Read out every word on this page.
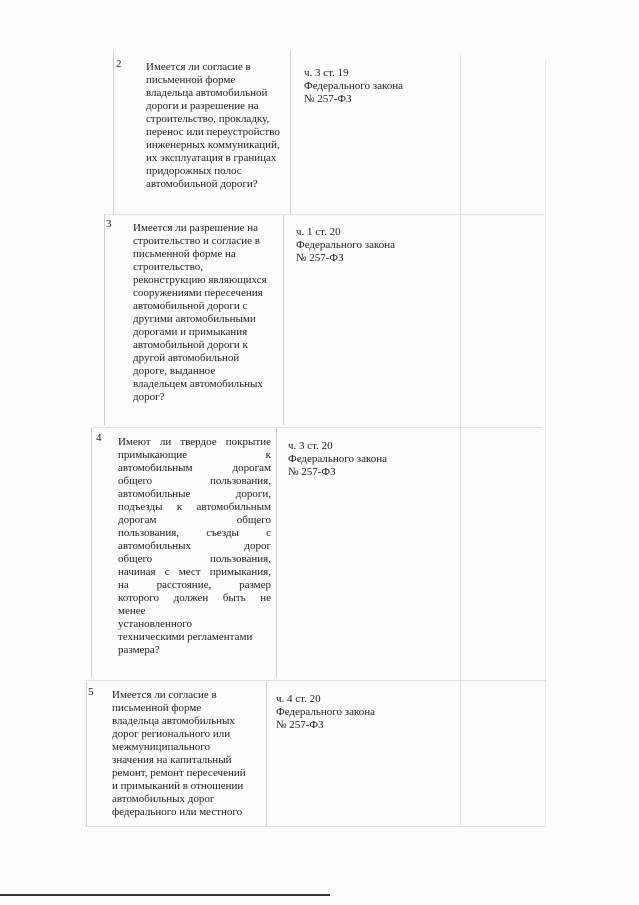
2 Имеется ли согласие в
письменной форме
владельца автомобильной
дороги и разрешение на
строительство, прокладку,
перенос или переустройство
инженерных коммуникаций,
их эксплуатация в границах
придорожных полос
автомобильной дороги?
ч. 3 ст. 19
Федерального закона
№ 257-ФЗ
3 Имеется ли разрешение на
строительство и согласие в
письменной форме на
строительство,
реконструкцию являющихся
сооружениями пересечения
автомобильной дороги с
другими автомобильными
дорогами и примыкания
автомобильной дороги к
другой автомобильной
дороге, выданное
владельцем автомобильных
дорог?
ч. 1 ст. 20
Федерального закона
№ 257-ФЗ
4 Имеют ли твердое покрытие
примыкающие к
автомобильным дорогам
общего пользования,
автомобильные дороги,
подъезды к автомобильным
дорогам общего
пользования, съезды с
автомобильных дорог
общего пользования,
начиная с мест примыкания,
на расстояние, размер
которого должен быть не
менее
установленного
техническими регламентами
размера?
ч. 3 ст. 20
Федерального закона
№ 257-ФЗ
5 Имеется ли согласие в
письменной форме
владельца автомобильных
дорог регионального или
межмуниципального
значения на капитальный
ремонт, ремонт пересечений
и примыканий в отношении
автомобильных дорог
федерального или местного
ч. 4 ст. 20
Федерального закона
№ 257-ФЗ
